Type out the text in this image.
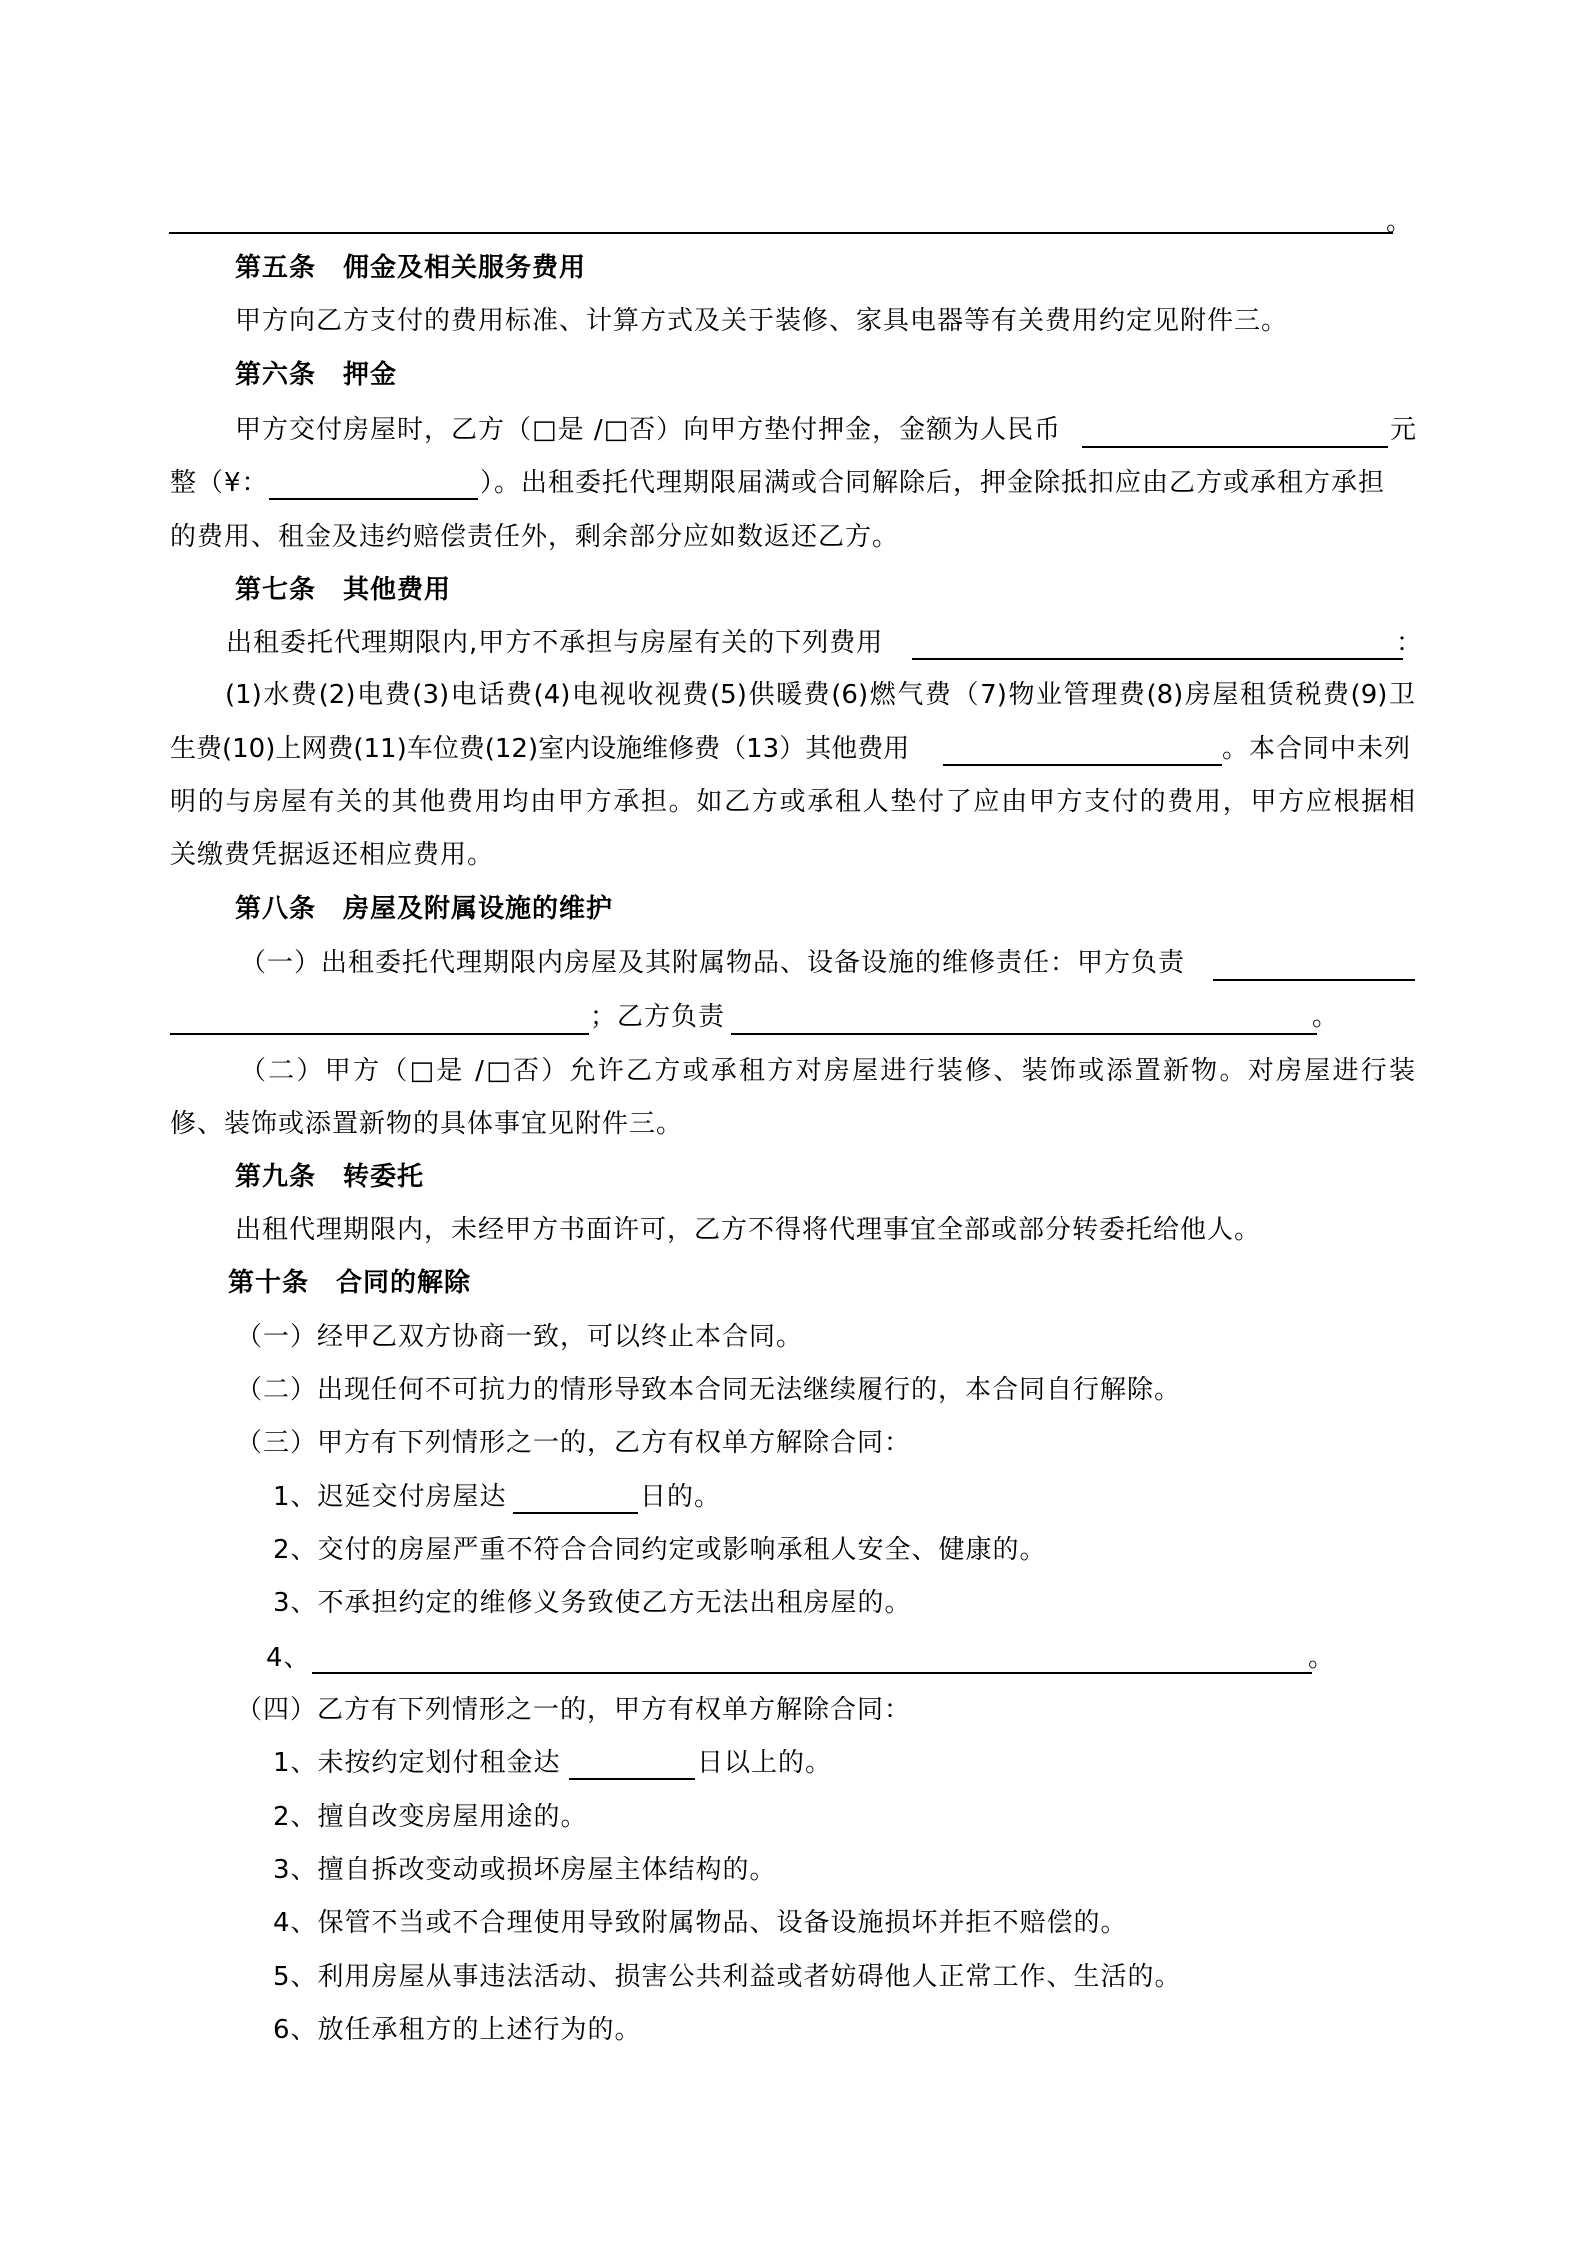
。
第五条　佣金及相关服务费用
甲方向乙方支付的费用标准、计算方式及关于装修、家具电器等有关费用约定见附件三。
第六条　押金
甲方交付房屋时，乙方（□是 /□否）向甲方垫付押金，金额为人民币	元
整（¥：	）。出租委托代理期限届满或合同解除后，押金除抵扣应由乙方或承租方承担
的费用、租金及违约赔偿责任外，剩余部分应如数返还乙方。
第七条　其他费用
出租委托代理期限内,甲方不承担与房屋有关的下列费用	：
(1)水费(2)电费(3)电话费(4)电视收视费(5)供暖费(6)燃气费（7)物业管理费(8)房屋租赁税费(9)卫
生费(10)上网费(11)车位费(12)室内设施维修费（13）其他费用	。本合同中未列
明的与房屋有关的其他费用均由甲方承担。如乙方或承租人垫付了应由甲方支付的费用，甲方应根据相
关缴费凭据返还相应费用。
第八条　房屋及附属设施的维护
（一）出租委托代理期限内房屋及其附属物品、设备设施的维修责任：甲方负责
；乙方负责	。
（二）甲方（□是 /□否）允许乙方或承租方对房屋进行装修、装饰或添置新物。对房屋进行装
修、装饰或添置新物的具体事宜见附件三。
第九条　转委托
出租代理期限内，未经甲方书面许可，乙方不得将代理事宜全部或部分转委托给他人。
第十条　合同的解除
（一）经甲乙双方协商一致，可以终止本合同。
（二）出现任何不可抗力的情形导致本合同无法继续履行的，本合同自行解除。
（三）甲方有下列情形之一的，乙方有权单方解除合同：
1、迟延交付房屋达	日的。
2、交付的房屋严重不符合合同约定或影响承租人安全、健康的。
3、不承担约定的维修义务致使乙方无法出租房屋的。
4、	。
（四）乙方有下列情形之一的，甲方有权单方解除合同：
1、未按约定划付租金达	日以上的。
2、擅自改变房屋用途的。
3、擅自拆改变动或损坏房屋主体结构的。
4、保管不当或不合理使用导致附属物品、设备设施损坏并拒不赔偿的。
5、利用房屋从事违法活动、损害公共利益或者妨碍他人正常工作、生活的。
6、放任承租方的上述行为的。
